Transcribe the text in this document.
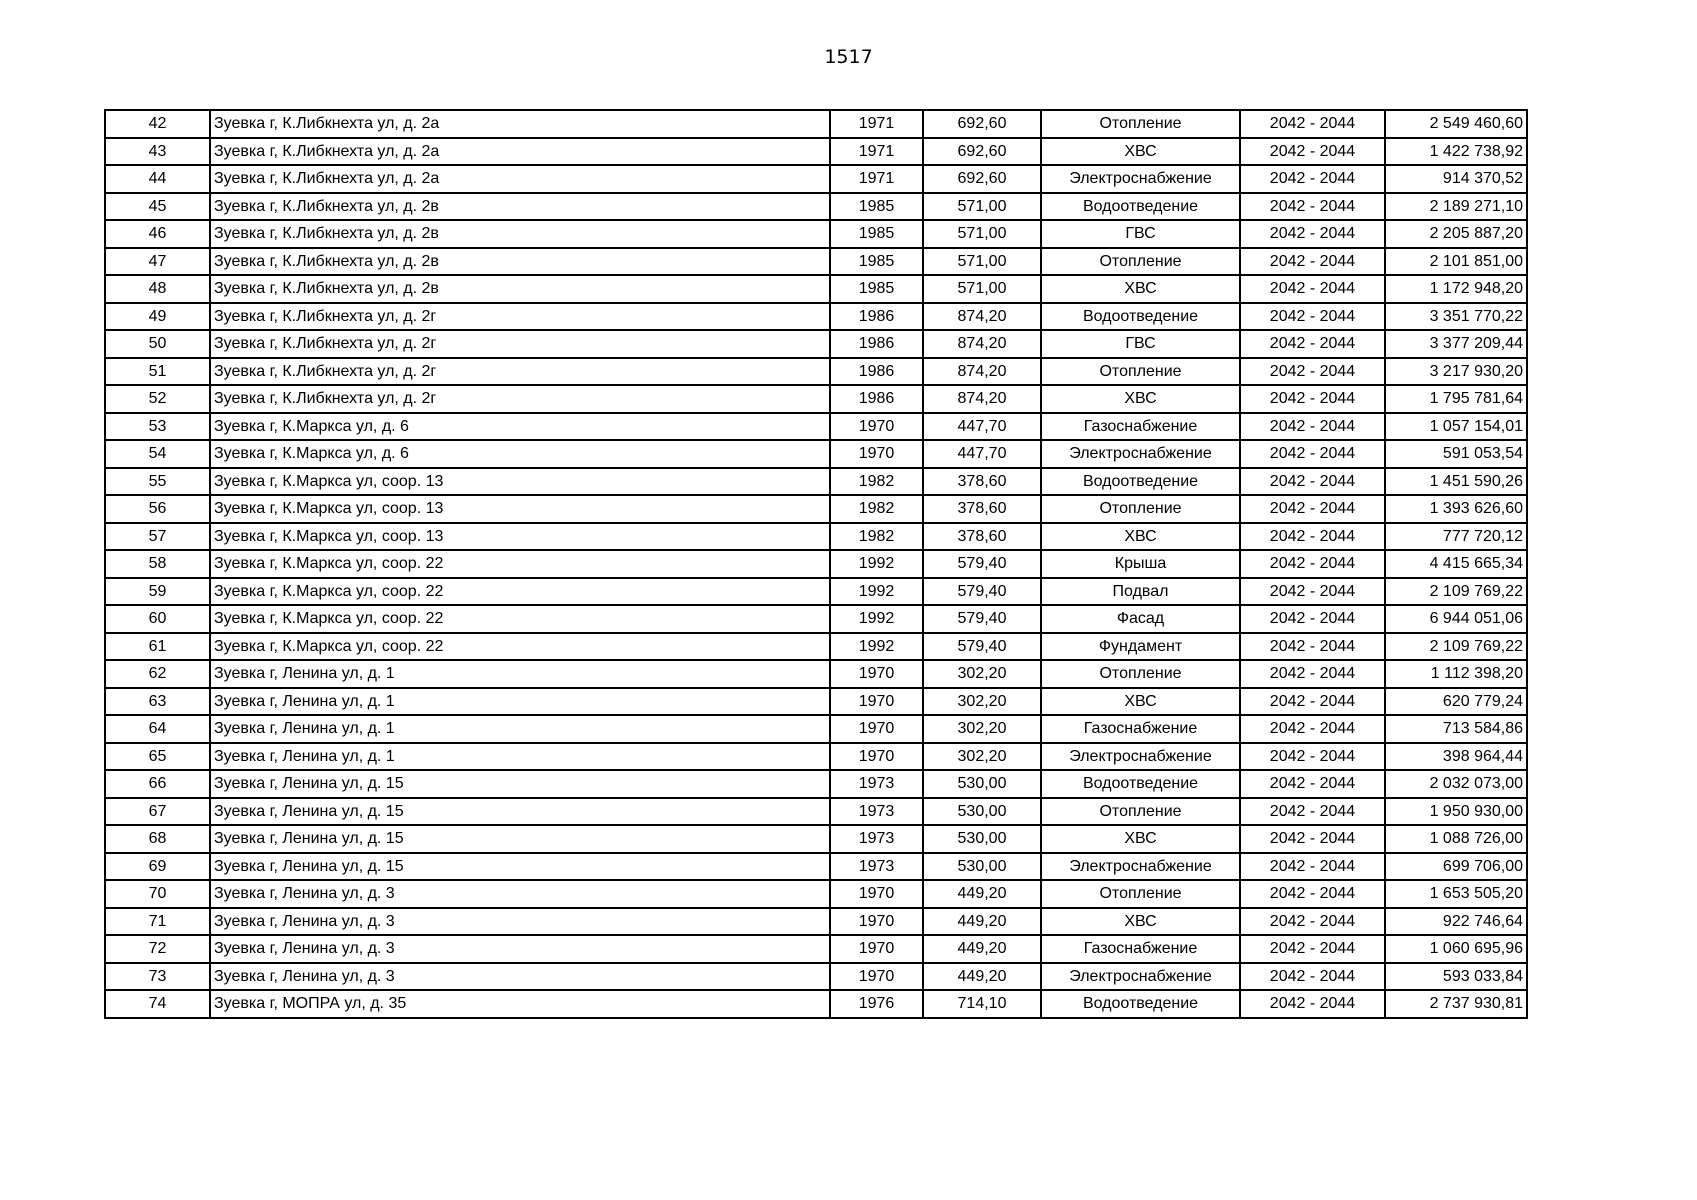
1517
42	Зуевка г, К.Либкнехта ул, д. 2а	1971	692,60	Отопление	2042 - 2044	2 549 460,60
43	Зуевка г, К.Либкнехта ул, д. 2а	1971	692,60	ХВС	2042 - 2044	1 422 738,92
44	Зуевка г, К.Либкнехта ул, д. 2а	1971	692,60	Электроснабжение	2042 - 2044	914 370,52
45	Зуевка г, К.Либкнехта ул, д. 2в	1985	571,00	Водоотведение	2042 - 2044	2 189 271,10
46	Зуевка г, К.Либкнехта ул, д. 2в	1985	571,00	ГВС	2042 - 2044	2 205 887,20
47	Зуевка г, К.Либкнехта ул, д. 2в	1985	571,00	Отопление	2042 - 2044	2 101 851,00
48	Зуевка г, К.Либкнехта ул, д. 2в	1985	571,00	ХВС	2042 - 2044	1 172 948,20
49	Зуевка г, К.Либкнехта ул, д. 2г	1986	874,20	Водоотведение	2042 - 2044	3 351 770,22
50	Зуевка г, К.Либкнехта ул, д. 2г	1986	874,20	ГВС	2042 - 2044	3 377 209,44
51	Зуевка г, К.Либкнехта ул, д. 2г	1986	874,20	Отопление	2042 - 2044	3 217 930,20
52	Зуевка г, К.Либкнехта ул, д. 2г	1986	874,20	ХВС	2042 - 2044	1 795 781,64
53	Зуевка г, К.Маркса ул, д. 6	1970	447,70	Газоснабжение	2042 - 2044	1 057 154,01
54	Зуевка г, К.Маркса ул, д. 6	1970	447,70	Электроснабжение	2042 - 2044	591 053,54
55	Зуевка г, К.Маркса ул, соор. 13	1982	378,60	Водоотведение	2042 - 2044	1 451 590,26
56	Зуевка г, К.Маркса ул, соор. 13	1982	378,60	Отопление	2042 - 2044	1 393 626,60
57	Зуевка г, К.Маркса ул, соор. 13	1982	378,60	ХВС	2042 - 2044	777 720,12
58	Зуевка г, К.Маркса ул, соор. 22	1992	579,40	Крыша	2042 - 2044	4 415 665,34
59	Зуевка г, К.Маркса ул, соор. 22	1992	579,40	Подвал	2042 - 2044	2 109 769,22
60	Зуевка г, К.Маркса ул, соор. 22	1992	579,40	Фасад	2042 - 2044	6 944 051,06
61	Зуевка г, К.Маркса ул, соор. 22	1992	579,40	Фундамент	2042 - 2044	2 109 769,22
62	Зуевка г, Ленина ул, д. 1	1970	302,20	Отопление	2042 - 2044	1 112 398,20
63	Зуевка г, Ленина ул, д. 1	1970	302,20	ХВС	2042 - 2044	620 779,24
64	Зуевка г, Ленина ул, д. 1	1970	302,20	Газоснабжение	2042 - 2044	713 584,86
65	Зуевка г, Ленина ул, д. 1	1970	302,20	Электроснабжение	2042 - 2044	398 964,44
66	Зуевка г, Ленина ул, д. 15	1973	530,00	Водоотведение	2042 - 2044	2 032 073,00
67	Зуевка г, Ленина ул, д. 15	1973	530,00	Отопление	2042 - 2044	1 950 930,00
68	Зуевка г, Ленина ул, д. 15	1973	530,00	ХВС	2042 - 2044	1 088 726,00
69	Зуевка г, Ленина ул, д. 15	1973	530,00	Электроснабжение	2042 - 2044	699 706,00
70	Зуевка г, Ленина ул, д. 3	1970	449,20	Отопление	2042 - 2044	1 653 505,20
71	Зуевка г, Ленина ул, д. 3	1970	449,20	ХВС	2042 - 2044	922 746,64
72	Зуевка г, Ленина ул, д. 3	1970	449,20	Газоснабжение	2042 - 2044	1 060 695,96
73	Зуевка г, Ленина ул, д. 3	1970	449,20	Электроснабжение	2042 - 2044	593 033,84
74	Зуевка г, МОПРА ул, д. 35	1976	714,10	Водоотведение	2042 - 2044	2 737 930,81
